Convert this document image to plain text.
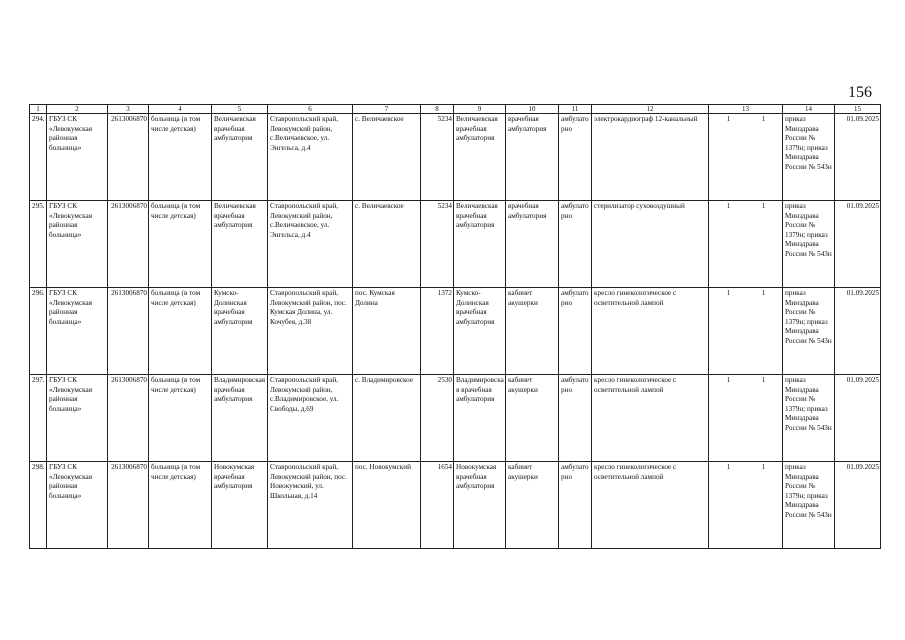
156
1	2	3	4	5	6	7	8	9	10	11	12	13	14	15
294.	ГБУЗ СК «Левокумская районная больница»	2613006870	больница (в том числе детская)	Величаевская врачебная амбулатория	Ставропольский край, Левокумский район, с.Величаевское, ул. Энгельса, д.4	с. Величаевское	5234	Величаевская врачебная амбулатория	врачебная амбулатория	амбулаторно	электрокардиограф 12-канальный	1 1	приказ Минздрава России № 1379н; приказ Минздрава России № 543н	01.09.2025
295.	ГБУЗ СК «Левокумская районная больница»	2613006870	больница (в том числе детская)	Величаевская врачебная амбулатория	Ставропольский край, Левокумский район, с.Величаевское, ул. Энгельса, д.4	с. Величаевское	5234	Величаевская врачебная амбулатория	врачебная амбулатория	амбулаторно	стерилизатор суховоздушный	1 1	приказ Минздрава России № 1379н; приказ Минздрава России № 543н	01.09.2025
296.	ГБУЗ СК «Левокумская районная больница»	2613006870	больница (в том числе детская)	Кумско-Долинская врачебная амбулатория	Ставропольский край, Левокумский район, пос. Кумская Долина, ул. Кочубея, д.38	пос. Кумская Долина	1372	Кумско-Долинская врачебная амбулатория	кабинет акушерки	амбулаторно	кресло гинекологическое с осветительной лампой	1 1	приказ Минздрава России № 1379н; приказ Минздрава России № 543н	01.09.2025
297.	ГБУЗ СК «Левокумская районная больница»	2613006870	больница (в том числе детская)	Владимировская врачебная амбулатория	Ставропольский край, Левокумский район, с.Владимировское, ул. Свободы, д.69	с. Владимировское	2530	Владимировская врачебная амбулатория	кабинет акушерки	амбулаторно	кресло гинекологическое с осветительной лампой	1 1	приказ Минздрава России № 1379н; приказ Минздрава России № 543н	01.09.2025
298.	ГБУЗ СК «Левокумская районная больница»	2613006870	больница (в том числе детская)	Новокумская врачебная амбулатория	Ставропольский край, Левокумский район, пос. Новокумский, ул. Школьная, д.14	пос. Новокумский	1654	Новокумская врачебная амбулатория	кабинет акушерки	амбулаторно	кресло гинекологическое с осветительной лампой	1 1	приказ Минздрава России № 1379н; приказ Минздрава России № 543н	01.09.2025
